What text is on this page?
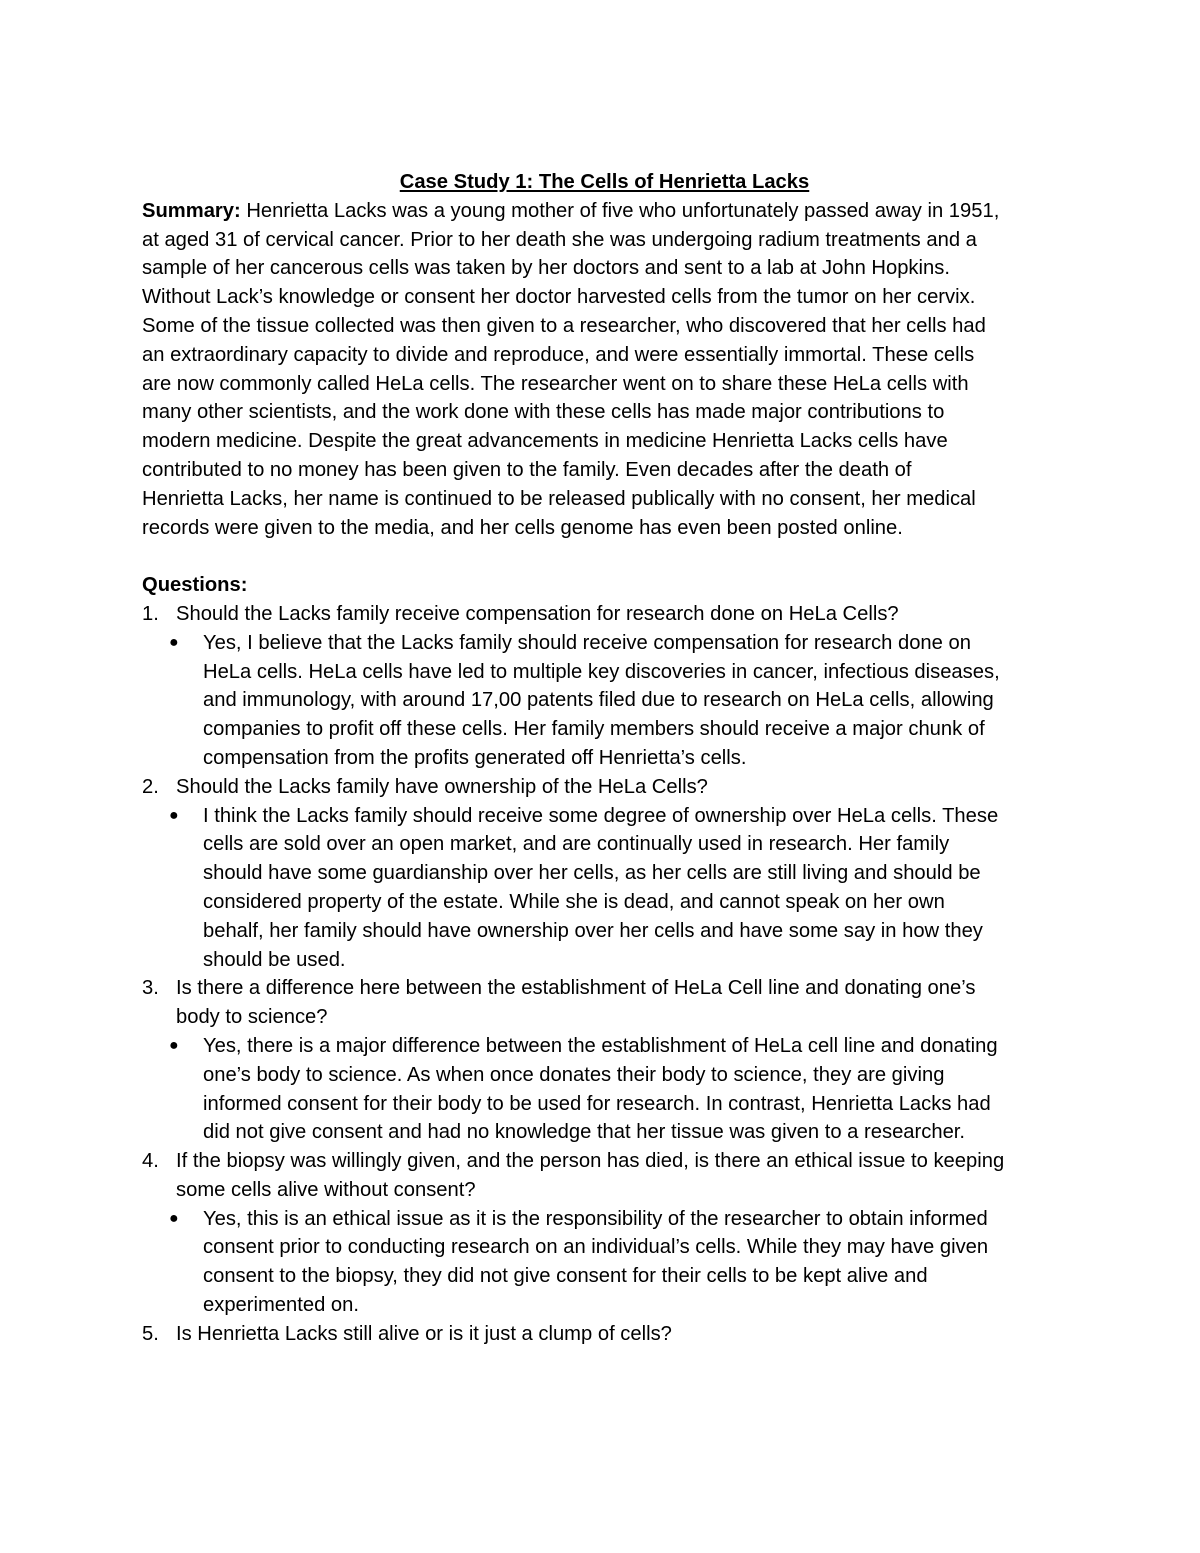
Case Study 1: The Cells of Henrietta Lacks
Summary: Henrietta Lacks was a young mother of five who unfortunately passed away in 1951,
at aged 31 of cervical cancer. Prior to her death she was undergoing radium treatments and a
sample of her cancerous cells was taken by her doctors and sent to a lab at John Hopkins.
Without Lack’s knowledge or consent her doctor harvested cells from the tumor on her cervix.
Some of the tissue collected was then given to a researcher, who discovered that her cells had
an extraordinary capacity to divide and reproduce, and were essentially immortal. These cells
are now commonly called HeLa cells. The researcher went on to share these HeLa cells with
many other scientists, and the work done with these cells has made major contributions to
modern medicine. Despite the great advancements in medicine Henrietta Lacks cells have
contributed to no money has been given to the family. Even decades after the death of
Henrietta Lacks, her name is continued to be released publically with no consent, her medical
records were given to the media, and her cells genome has even been posted online.
Questions:
1. Should the Lacks family receive compensation for research done on HeLa Cells?
● Yes, I believe that the Lacks family should receive compensation for research done on
HeLa cells. HeLa cells have led to multiple key discoveries in cancer, infectious diseases,
and immunology, with around 17,00 patents filed due to research on HeLa cells, allowing
companies to profit off these cells. Her family members should receive a major chunk of
compensation from the profits generated off Henrietta’s cells.
2. Should the Lacks family have ownership of the HeLa Cells?
● I think the Lacks family should receive some degree of ownership over HeLa cells. These
cells are sold over an open market, and are continually used in research. Her family
should have some guardianship over her cells, as her cells are still living and should be
considered property of the estate. While she is dead, and cannot speak on her own
behalf, her family should have ownership over her cells and have some say in how they
should be used.
3. Is there a difference here between the establishment of HeLa Cell line and donating one’s
body to science?
● Yes, there is a major difference between the establishment of HeLa cell line and donating
one’s body to science. As when once donates their body to science, they are giving
informed consent for their body to be used for research. In contrast, Henrietta Lacks had
did not give consent and had no knowledge that her tissue was given to a researcher.
4. If the biopsy was willingly given, and the person has died, is there an ethical issue to keeping
some cells alive without consent?
● Yes, this is an ethical issue as it is the responsibility of the researcher to obtain informed
consent prior to conducting research on an individual’s cells. While they may have given
consent to the biopsy, they did not give consent for their cells to be kept alive and
experimented on.
5. Is Henrietta Lacks still alive or is it just a clump of cells?
